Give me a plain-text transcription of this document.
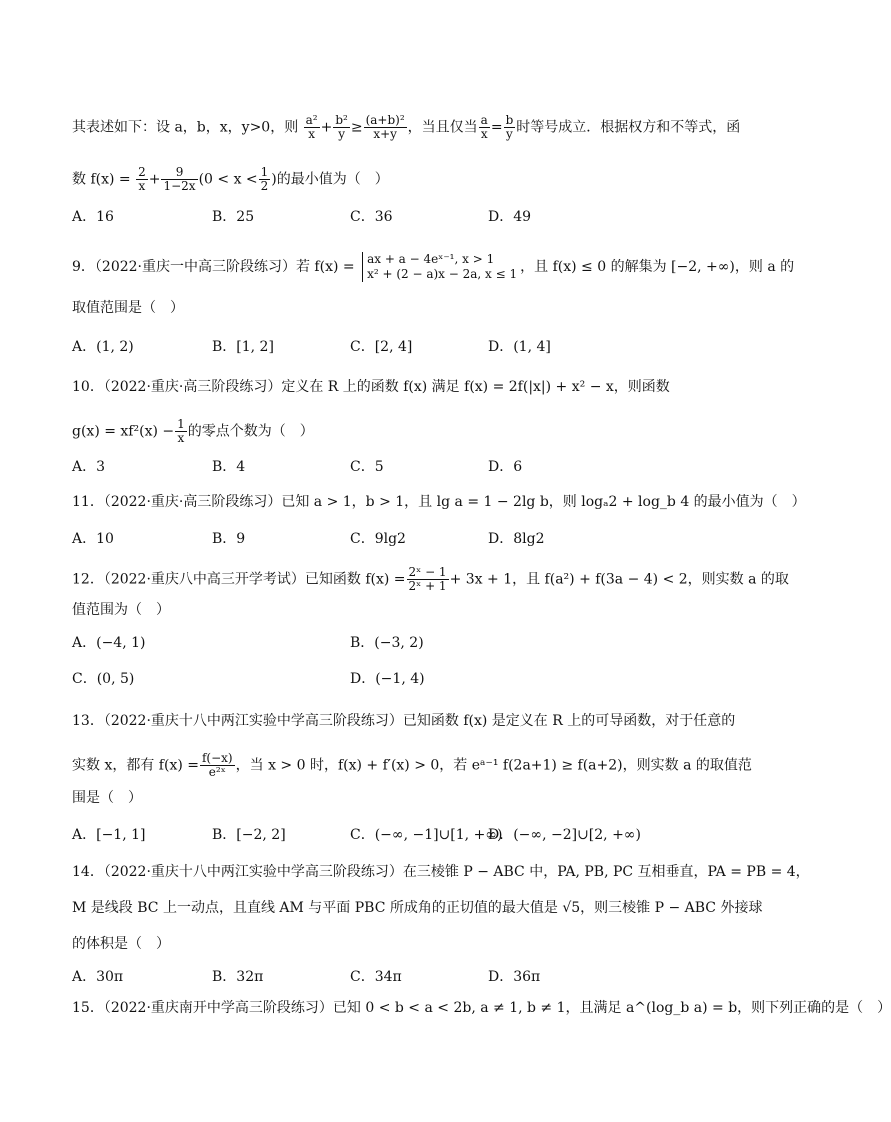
其表述如下：设 a，b，x，y>0，则 $\frac{\text{a²}}{x} + \frac{\text{b²}}{y} \ge \frac{\text{(a+b)²}}{x+y}$ ，当且仅当 $\frac{a}{x} = \frac{b}{y}$ 时等号成立．根据权方和不等式，函
数 $f(x) = \frac{2}{x} + \frac{9}{1-2x} (0 < x < \frac{1}{2}$ )的最小值为（　）
A．16	B．25	C．36	D．49
9．（2022·重庆一中高三阶段练习）若 f(x) = ax + a − 4eˣ⁻¹, x > 1
x² + (2 − a)x − 2a, x ≤ 1 ，且 f(x) ≤ 0 的解集为 [−2, +∞)，则 a 的
取值范围是（　）
A．(1, 2)	B．[1, 2]	C．[2, 4]	D．(1, 4]
10．（2022·重庆·高三阶段练习）定义在 R 上的函数 f(x) 满足 f(x) = 2f(|x|) + x² − x，则函数
$g(x) = xf^2(x) - \frac{1}{x}$ 的零点个数为（　）
A．3	B．4	C．5	D．6
11．（2022·重庆·高三阶段练习）已知 a > 1，b > 1，且 lg a = 1 − 2lg b，则 logₐ2 + log_b 4 的最小值为（　）
A．10	B．9	C．9lg2	D．8lg2
12．（2022·重庆八中高三开学考试）已知函数 $f(x) = \frac{\text{2ˣ − 1}}{\text{2ˣ + 1}} + 3x + 1$，且 f(a²) + f(3a − 4) < 2，则实数 a 的取
值范围为（　）
A．(−4, 1)	B．(−3, 2)
C．(0, 5)	D．(−1, 4)
13．（2022·重庆十八中两江实验中学高三阶段练习）已知函数 f(x) 是定义在 R 上的可导函数，对于任意的
实数 x，都有 $f(x) = \frac{f(-x)}{\text{e²ˣ}}$ ，当 x > 0 时，f(x) + f′(x) > 0，若 eᵃ⁻¹ f(2a+1) ≥ f(a+2)，则实数 a 的取值范
围是（　）
A．[−1, 1]	B．[−2, 2]	C．(−∞, −1]∪[1, +∞)
D．(−∞, −2]∪[2, +∞)
14．（2022·重庆十八中两江实验中学高三阶段练习）在三棱锥 P − ABC 中，PA, PB, PC 互相垂直，PA = PB = 4，
M 是线段 BC 上一动点，且直线 AM 与平面 PBC 所成角的正切值的最大值是 √5，则三棱锥 P − ABC 外接球
的体积是（　）
A．30π	B．32π	C．34π	D．36π
15．（2022·重庆南开中学高三阶段练习）已知 0 < b < a < 2b, a ≠ 1, b ≠ 1，且满足 a^(log_b a) = b，则下列正确的是（　）
